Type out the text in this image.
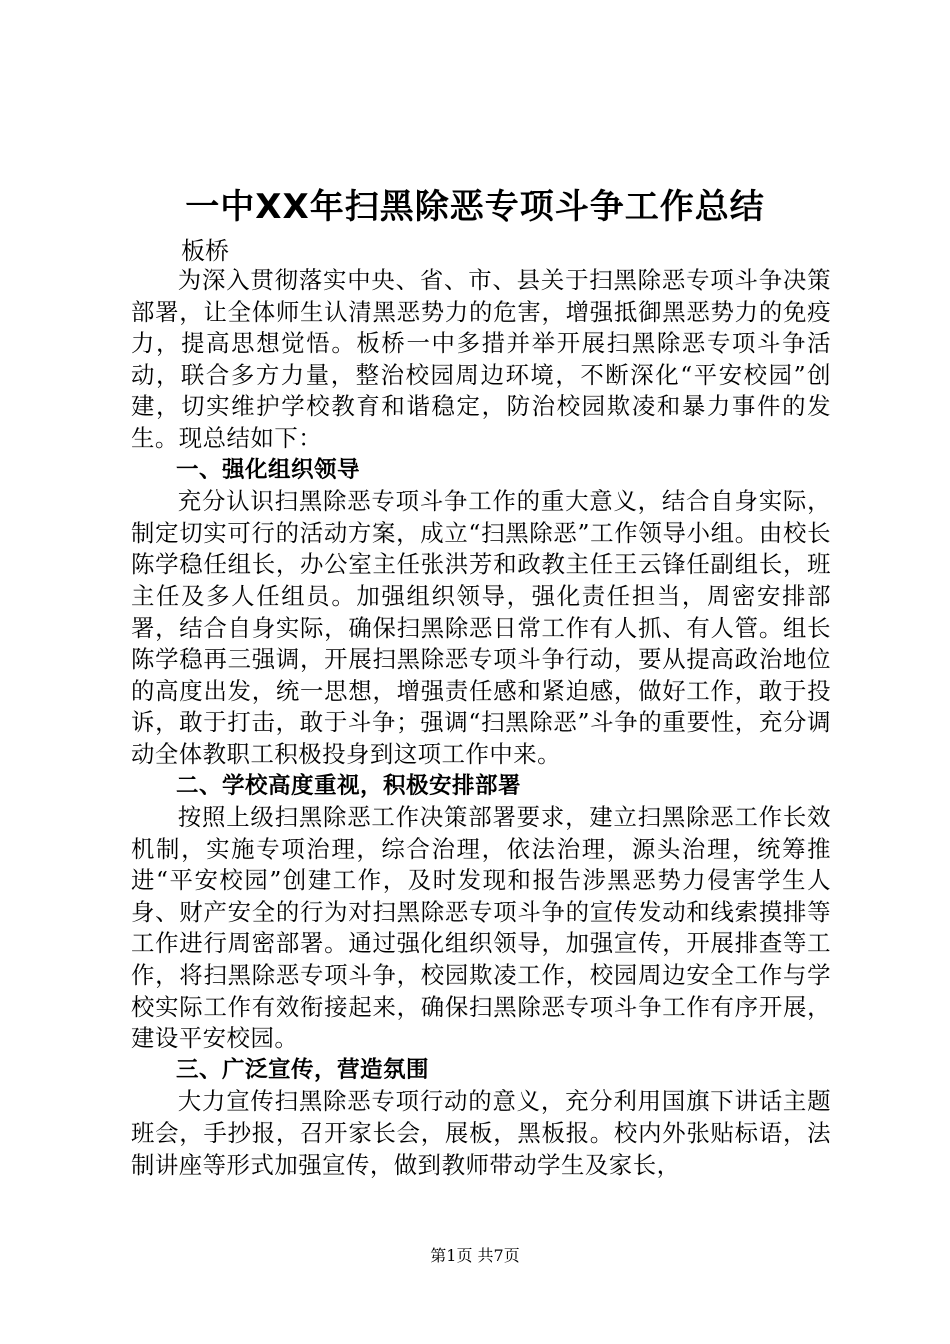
一中XX年扫黑除恶专项斗争工作总结
板桥

为深入贯彻落实中央、省、市、县关于扫黑除恶专项斗争决策部署，让全体师生认清黑恶势力的危害，增强抵御黑恶势力的免疫力，提高思想觉悟。板桥一中多措并举开展扫黑除恶专项斗争活动，联合多方力量，整治校园周边环境，不断深化“平安校园”创建，切实维护学校教育和谐稳定，防治校园欺凌和暴力事件的发生。现总结如下：

一、强化组织领导

充分认识扫黑除恶专项斗争工作的重大意义，结合自身实际，制定切实可行的活动方案，成立“扫黑除恶”工作领导小组。由校长陈学稳任组长，办公室主任张洪芳和政教主任王云锋任副组长，班主任及多人任组员。加强组织领导，强化责任担当，周密安排部署，结合自身实际，确保扫黑除恶日常工作有人抓、有人管。组长陈学稳再三强调，开展扫黑除恶专项斗争行动，要从提高政治地位的高度出发，统一思想，增强责任感和紧迫感，做好工作，敢于投诉，敢于打击，敢于斗争；强调“扫黑除恶”斗争的重要性，充分调动全体教职工积极投身到这项工作中来。

二、学校高度重视，积极安排部署

按照上级扫黑除恶工作决策部署要求，建立扫黑除恶工作长效机制，实施专项治理，综合治理，依法治理，源头治理，统筹推进“平安校园”创建工作，及时发现和报告涉黑恶势力侵害学生人身、财产安全的行为对扫黑除恶专项斗争的宣传发动和线索摸排等工作进行周密部署。通过强化组织领导，加强宣传，开展排查等工作，将扫黑除恶专项斗争，校园欺凌工作，校园周边安全工作与学校实际工作有效衔接起来，确保扫黑除恶专项斗争工作有序开展，建设平安校园。

三、广泛宣传，营造氛围

大力宣传扫黑除恶专项行动的意义，充分利用国旗下讲话主题班会，手抄报，召开家长会，展板，黑板报。校内外张贴标语，法制讲座等形式加强宣传，做到教师带动学生及家长，

第1页 共7页
